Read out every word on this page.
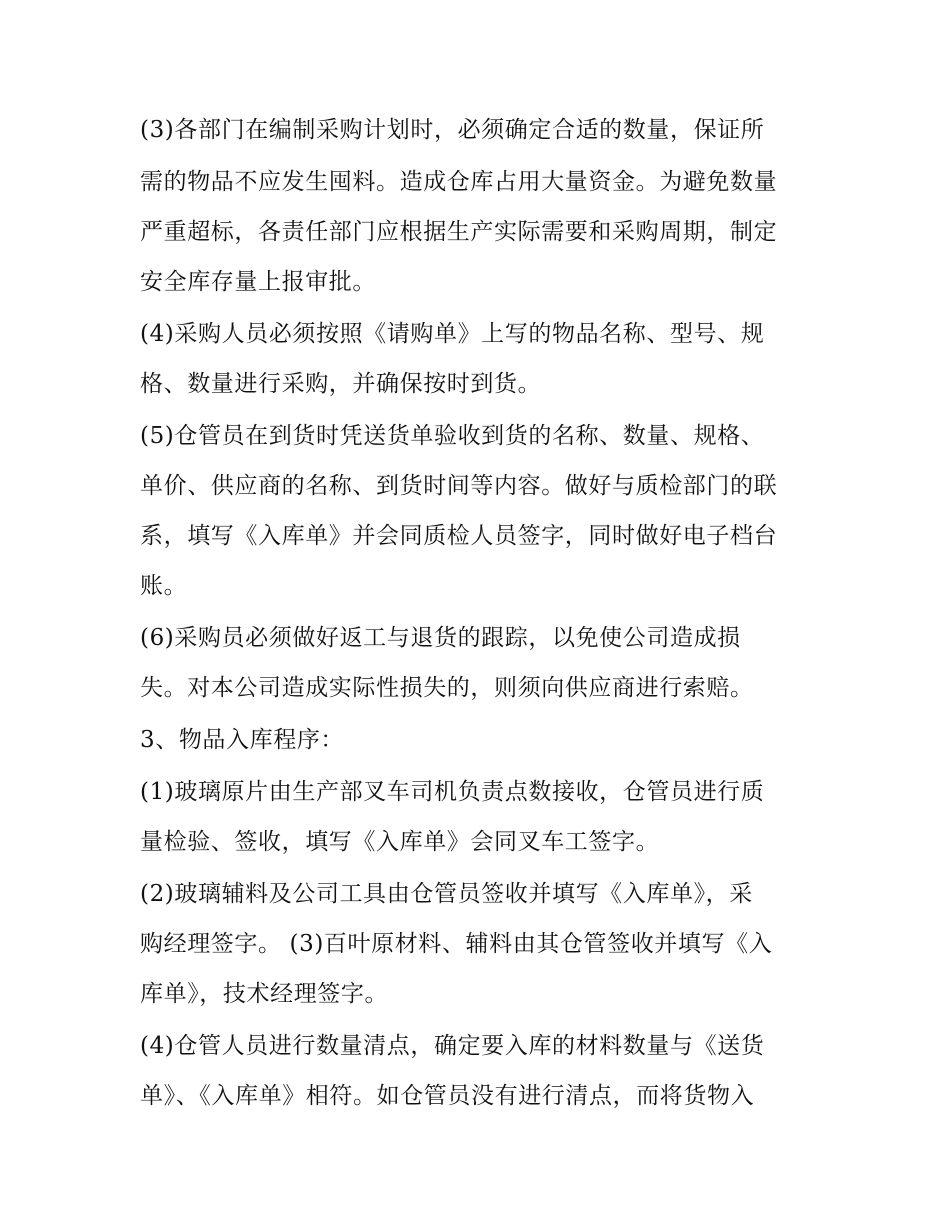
(3)各部门在编制采购计划时，必须确定合适的数量，保证所
需的物品不应发生囤料。造成仓库占用大量资金。为避免数量
严重超标，各责任部门应根据生产实际需要和采购周期，制定
安全库存量上报审批。
(4)采购人员必须按照《请购单》上写的物品名称、型号、规
格、数量进行采购，并确保按时到货。
(5)仓管员在到货时凭送货单验收到货的名称、数量、规格、
单价、供应商的名称、到货时间等内容。做好与质检部门的联
系，填写《入库单》并会同质检人员签字，同时做好电子档台
账。
(6)采购员必须做好返工与退货的跟踪，以免使公司造成损
失。对本公司造成实际性损失的，则须向供应商进行索赔。
3、物品入库程序：
(1)玻璃原片由生产部叉车司机负责点数接收，仓管员进行质
量检验、签收，填写《入库单》会同叉车工签字。
(2)玻璃辅料及公司工具由仓管员签收并填写《入库单》，采
购经理签字。 (3)百叶原材料、辅料由其仓管签收并填写《入
库单》，技术经理签字。
(4)仓管人员进行数量清点，确定要入库的材料数量与《送货
单》、《入库单》相符。如仓管员没有进行清点，而将货物入
